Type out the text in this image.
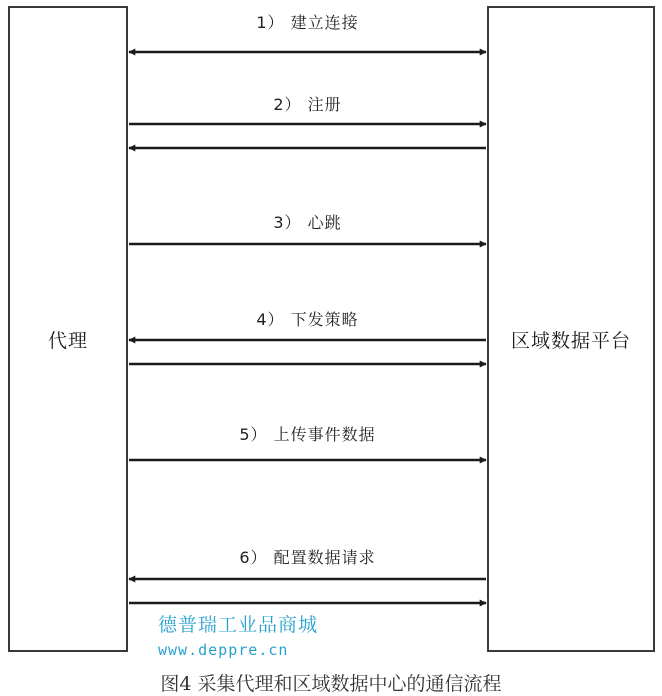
代理	区域数据平台
1） 建立连接
2） 注册
3） 心跳
4） 下发策略
5） 上传事件数据
6） 配置数据请求
德普瑞工业品商城
www.deppre.cn
图4 采集代理和区域数据中心的通信流程
